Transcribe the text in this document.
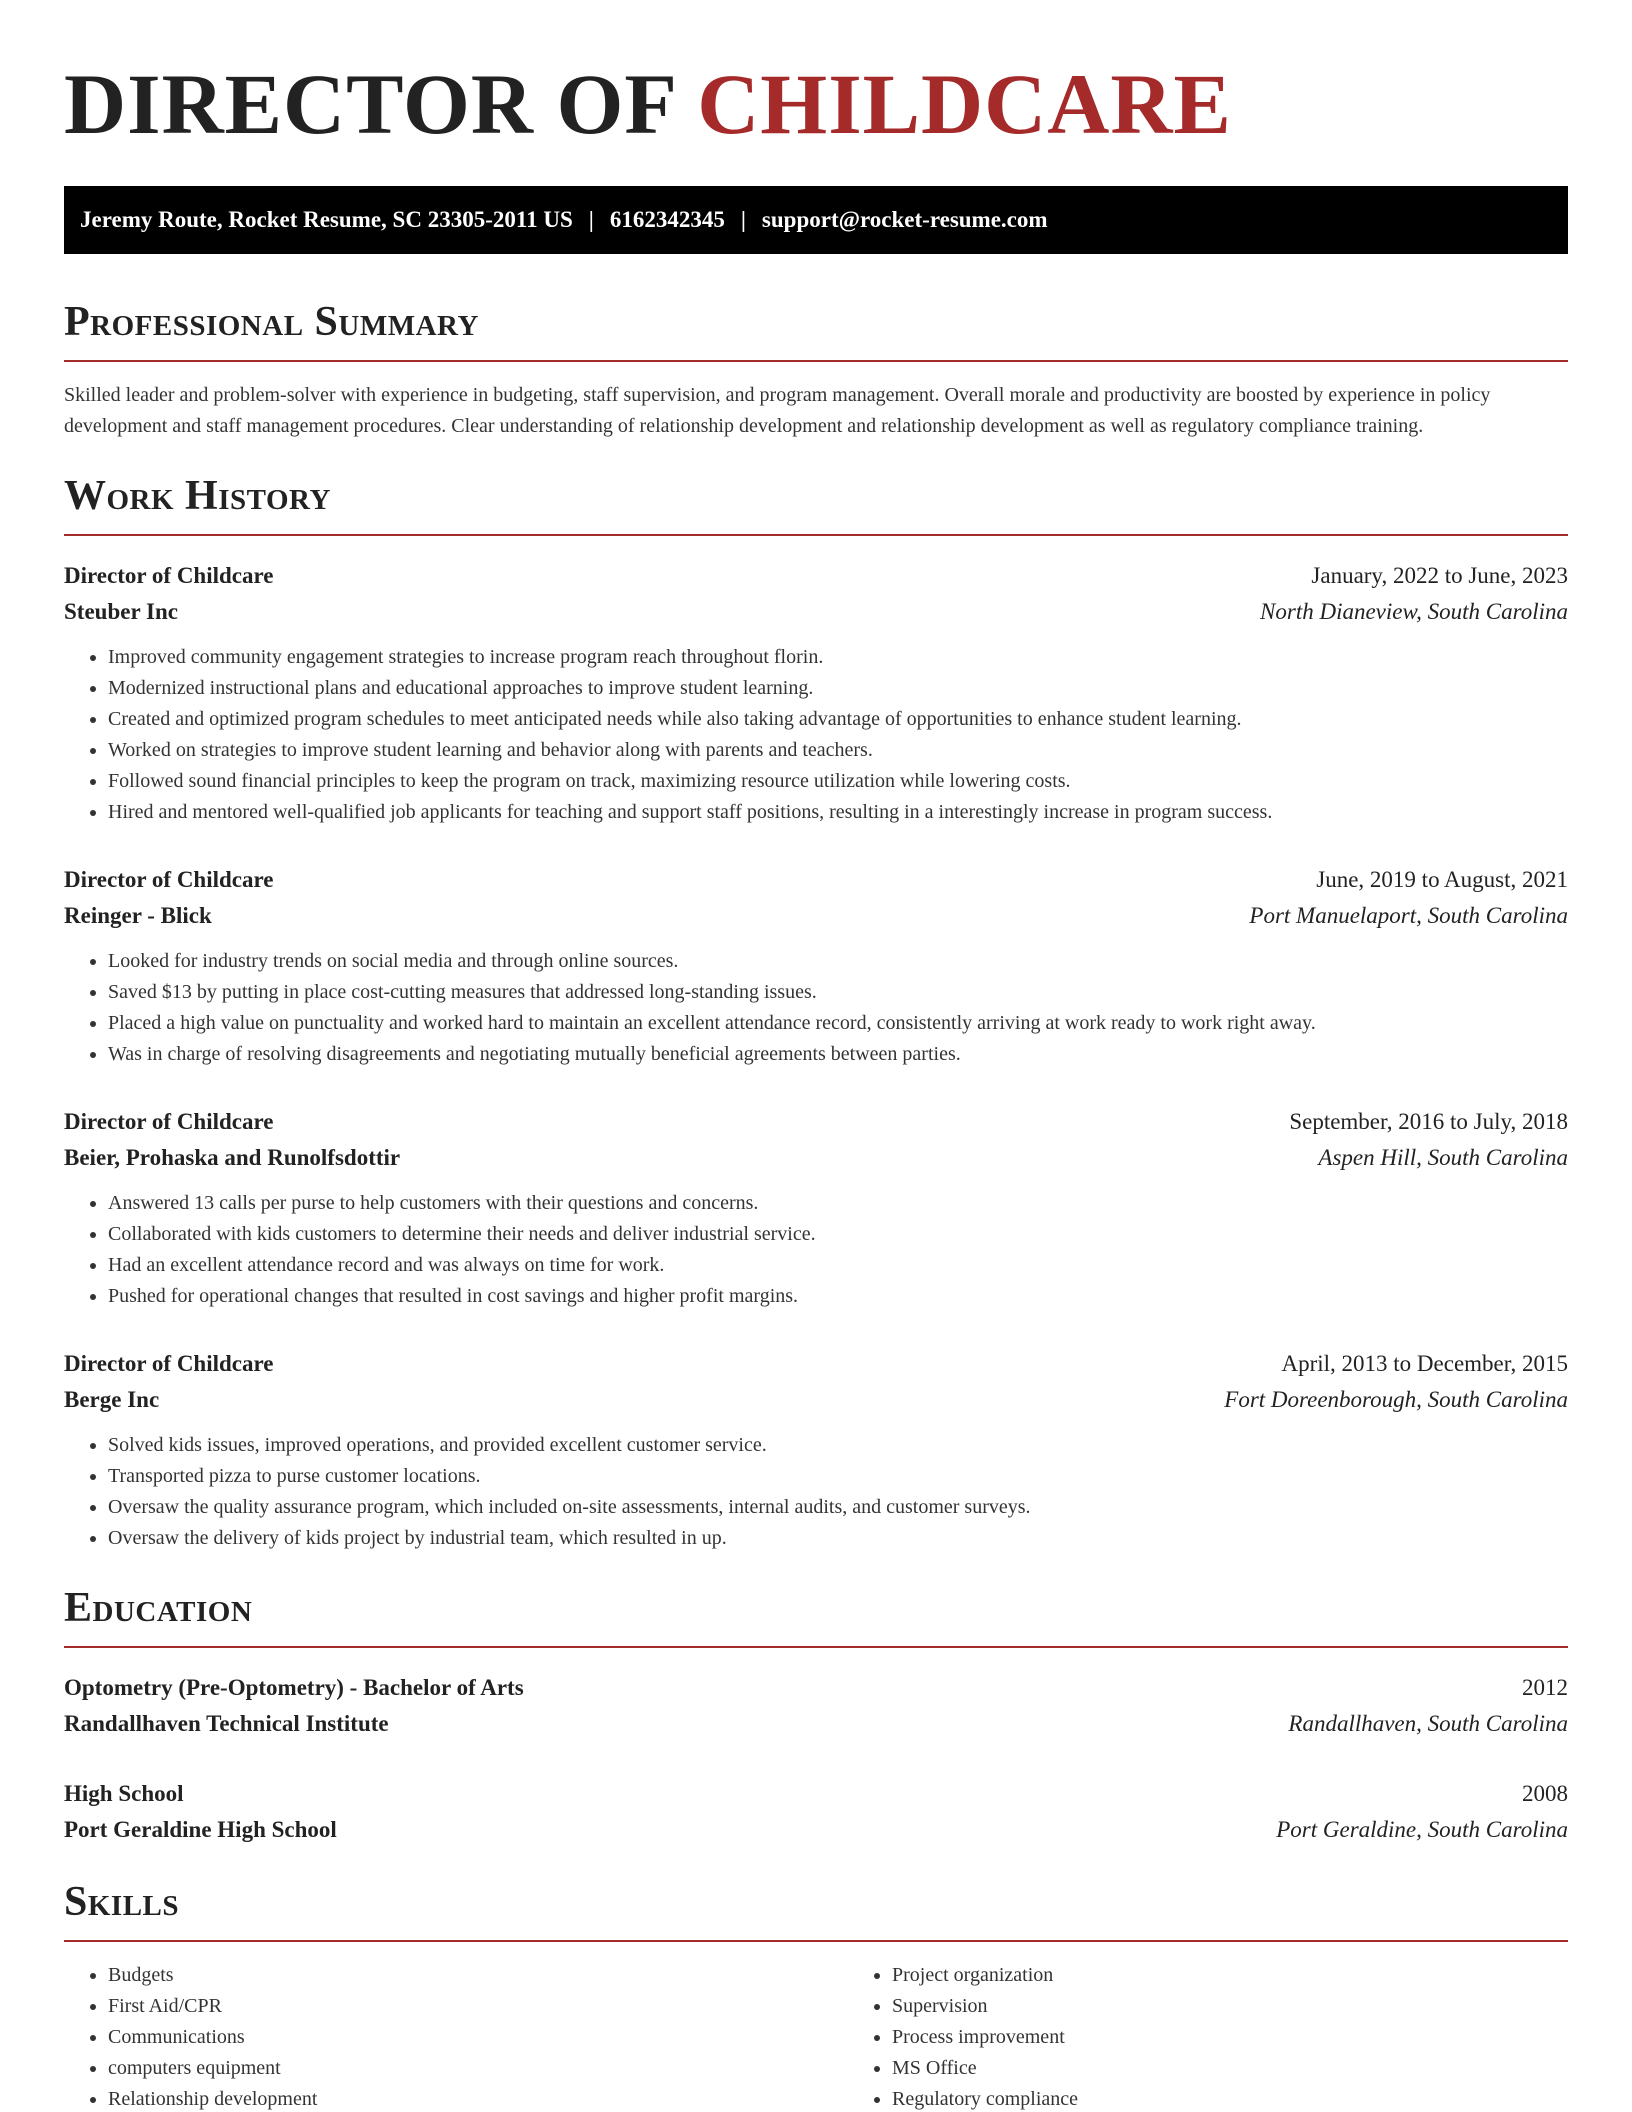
DIRECTOR OF CHILDCARE
Jeremy Route, Rocket Resume, SC 23305-2011 US | 6162342345 | support@rocket-resume.com
Professional Summary

Skilled leader and problem-solver with experience in budgeting, staff supervision, and program management. Overall morale and productivity are boosted by experience in policy development and staff management procedures. Clear understanding of relationship development and relationship development as well as regulatory compliance training.

Work History
Director of Childcare	January, 2022 to June, 2023
Steuber Inc	North Dianeview, South Carolina
• Improved community engagement strategies to increase program reach throughout florin.
• Modernized instructional plans and educational approaches to improve student learning.
• Created and optimized program schedules to meet anticipated needs while also taking advantage of opportunities to enhance student learning.
• Worked on strategies to improve student learning and behavior along with parents and teachers.
• Followed sound financial principles to keep the program on track, maximizing resource utilization while lowering costs.
• Hired and mentored well-qualified job applicants for teaching and support staff positions, resulting in a interestingly increase in program success.
Director of Childcare	June, 2019 to August, 2021
Reinger - Blick	Port Manuelaport, South Carolina
• Looked for industry trends on social media and through online sources.
• Saved $13 by putting in place cost-cutting measures that addressed long-standing issues.
• Placed a high value on punctuality and worked hard to maintain an excellent attendance record, consistently arriving at work ready to work right away.
• Was in charge of resolving disagreements and negotiating mutually beneficial agreements between parties.
Director of Childcare	September, 2016 to July, 2018
Beier, Prohaska and Runolfsdottir	Aspen Hill, South Carolina
• Answered 13 calls per purse to help customers with their questions and concerns.
• Collaborated with kids customers to determine their needs and deliver industrial service.
• Had an excellent attendance record and was always on time for work.
• Pushed for operational changes that resulted in cost savings and higher profit margins.
Director of Childcare	April, 2013 to December, 2015
Berge Inc	Fort Doreenborough, South Carolina
• Solved kids issues, improved operations, and provided excellent customer service.
• Transported pizza to purse customer locations.
• Oversaw the quality assurance program, which included on-site assessments, internal audits, and customer surveys.
• Oversaw the delivery of kids project by industrial team, which resulted in up.
Education
Optometry (Pre-Optometry) - Bachelor of Arts	2012
Randallhaven Technical Institute	Randallhaven, South Carolina
High School	2008
Port Geraldine High School	Port Geraldine, South Carolina
Skills
• Budgets
• First Aid/CPR
• Communications
• computers equipment
• Relationship development
• Project organization
• Supervision
• Process improvement
• MS Office
• Regulatory compliance
